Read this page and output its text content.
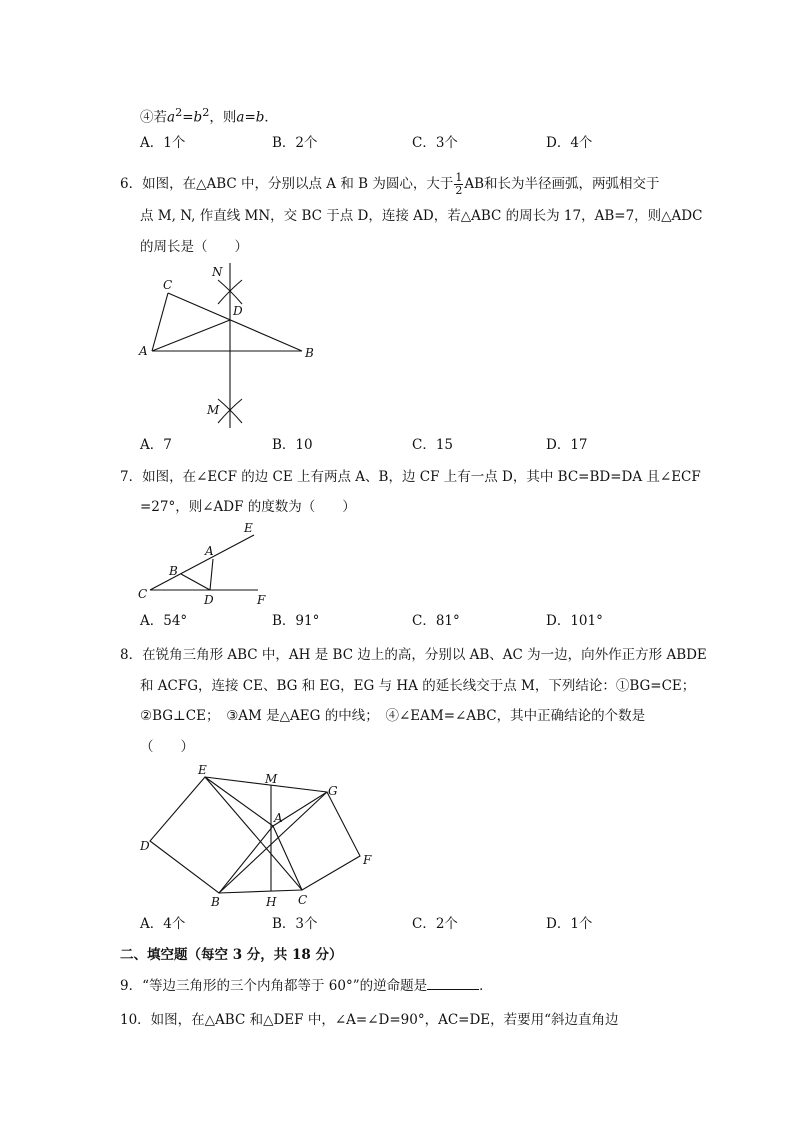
④若$a^2=b^2$，则a=b．
A．1个	B．2个	C．3个	D．4个
6．如图，在△ABC 中，分别以点 A 和 B 为圆心，大于 $\frac{1}{2}$ AB和长为半径画弧，两弧相交于
点 M, N, 作直线 MN，交 BC 于点 D，连接 AD，若△ABC 的周长为 17，AB=7，则△ADC
的周长是（　　）
N
C
D
A	B
M
A．7	B．10	C．15	D．17
7．如图，在∠ECF 的边 CE 上有两点 A、B，边 CF 上有一点 D，其中 BC=BD=DA 且∠ECF
=27°，则∠ADF 的度数为（　　）
E
A
B
C	D	F
A．54°	B．91°	C．81°	D．101°
8．在锐角三角形 ABC 中，AH 是 BC 边上的高，分别以 AB、AC 为一边，向外作正方形 ABDE
和 ACFG，连接 CE、BG 和 EG，EG 与 HA 的延长线交于点 M，下列结论：①BG=CE；
②BG⊥CE；　③AM 是△AEG 的中线；　④∠EAM=∠ABC，其中正确结论的个数是
（　　）
E
M
G
A
D
F
B	H C
A．4个	B．3个	C．2个	D．1个
二、填空题（每空 3 分，共 18 分）
9．“等边三角形的三个内角都等于 60°”的逆命题是	．
10．如图，在△ABC 和△DEF 中，∠A=∠D=90°，AC=DE，若要用“斜边直角边
